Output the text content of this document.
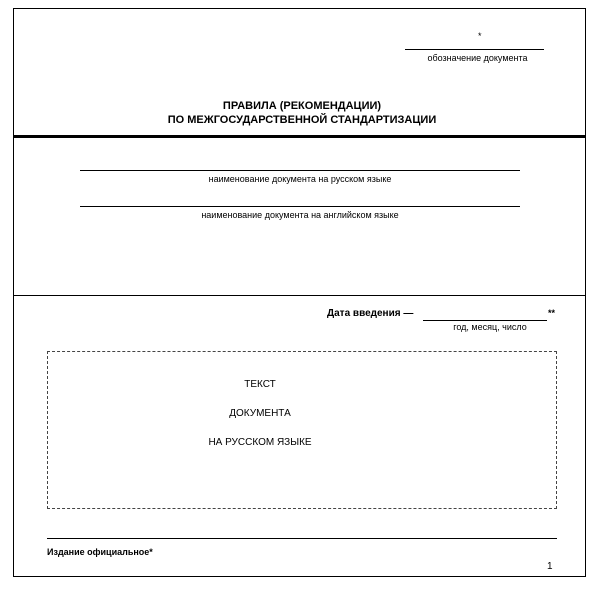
*
обозначение документа
ПРАВИЛА (РЕКОМЕНДАЦИИ)
ПО МЕЖГОСУДАРСТВЕННОЙ СТАНДАРТИЗАЦИИ
наименование документа на русском языке
наименование документа на английском языке
Дата введения —	**
год, месяц, число
ТЕКСТ
ДОКУМЕНТА
НА РУССКОМ ЯЗЫКЕ
Издание официальное*
1
